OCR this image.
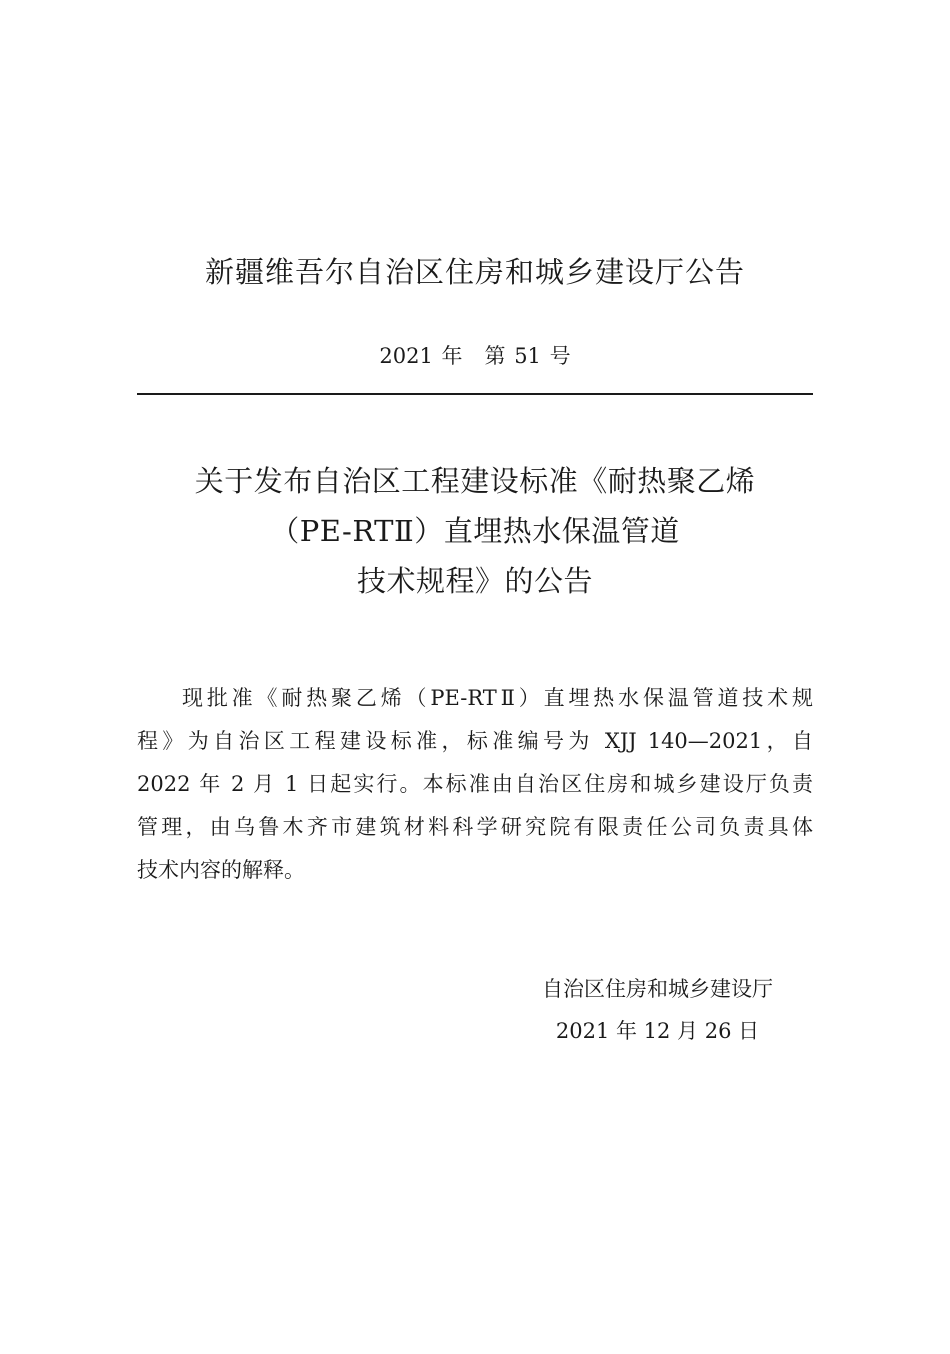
新疆维吾尔自治区住房和城乡建设厅公告
2021 年 第 51 号
关于发布自治区工程建设标准《耐热聚乙烯
（PE-RTⅡ）直埋热水保温管道
技术规程》的公告
现批准《耐热聚乙烯（PE-RTⅡ）直埋热水保温管道技术规
程》为自治区工程建设标准，标准编号为 XJJ 140—2021，自
2022 年 2 月 1 日起实行。本标准由自治区住房和城乡建设厅负责
管理，由乌鲁木齐市建筑材料科学研究院有限责任公司负责具体
技术内容的解释。
自治区住房和城乡建设厅
2021 年 12 月 26 日
